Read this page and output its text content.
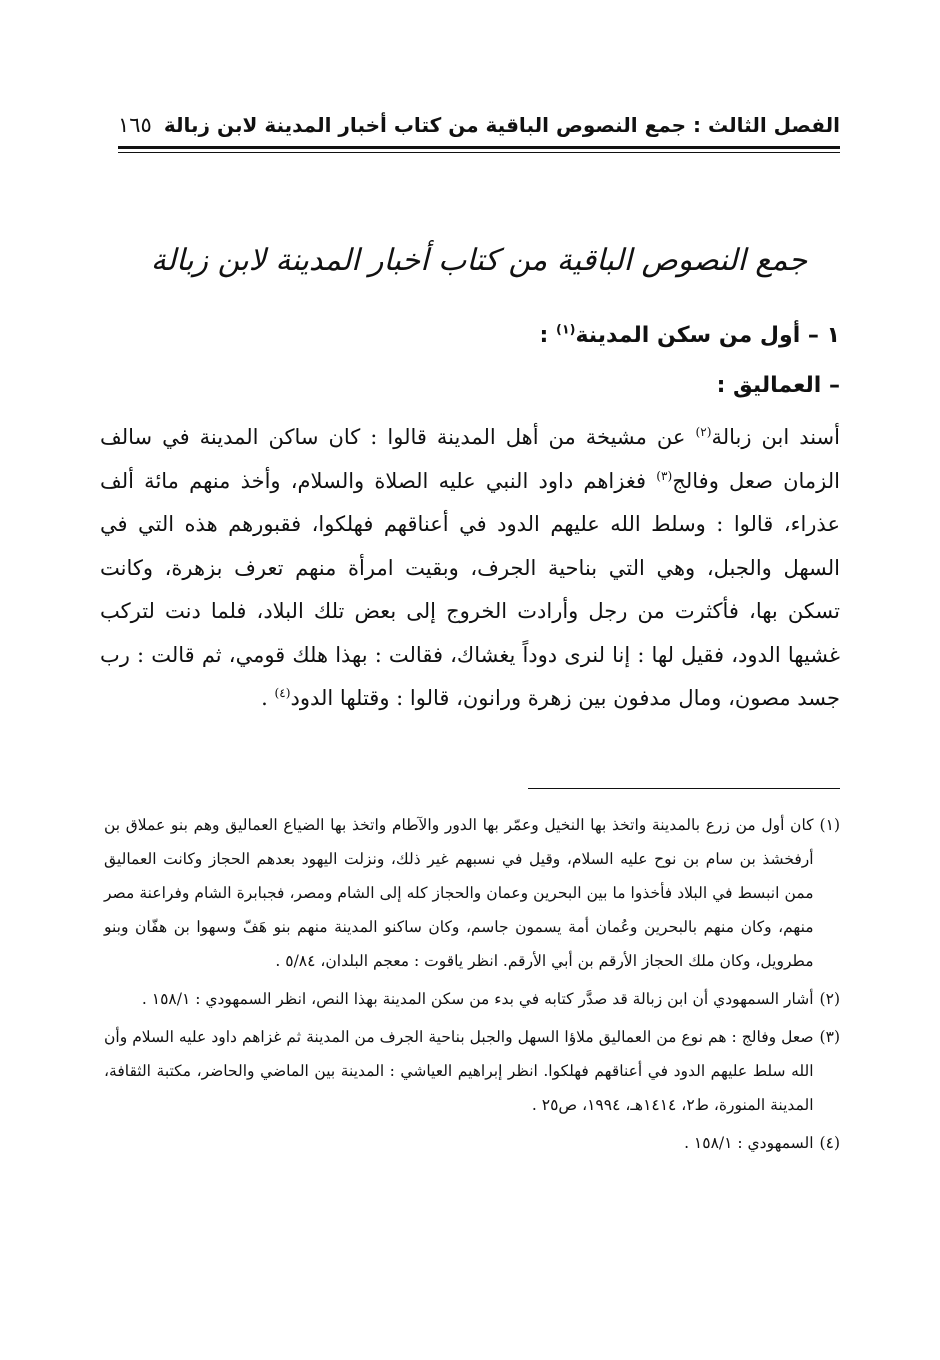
الفصل الثالث : جمع النصوص الباقية من كتاب أخبار المدينة لابن زبالة
١٦٥
جمع النصوص الباقية من كتاب أخبار المدينة لابن زبالة
١ – أول من سكن المدينة$^{(١)}$ :
– العماليق :

أسند ابن زبالة$^{(٢)}$ عن مشيخة من أهل المدينة قالوا : كان ساكن المدينة في سالف الزمان صعل وفالج$^{(٣)}$ فغزاهم داود النبي عليه الصلاة والسلام، وأخذ منهم مائة ألف عذراء، قالوا : وسلط الله عليهم الدود في أعناقهم فهلكوا، فقبورهم هذه التي في السهل والجبل، وهي التي بناحية الجرف، وبقيت امرأة منهم تعرف بزهرة، وكانت تسكن بها، فأكثرت من رجل وأرادت الخروج إلى بعض تلك البلاد، فلما دنت لتركب غشيها الدود، فقيل لها : إنا لنرى دوداً يغشاك، فقالت : بهذا هلك قومي، ثم قالت : رب جسد مصون، ومال مدفون بين زهرة ورانون، قالوا : وقتلها الدود$^{(٤)}$ .

(١)
كان أول من زرع بالمدينة واتخذ بها النخيل وعمّر بها الدور والآطام واتخذ بها الضياع العماليق وهم بنو عملاق بن أرفخشذ بن سام بن نوح عليه السلام، وقيل في نسبهم غير ذلك، ونزلت اليهود بعدهم الحجاز وكانت العماليق ممن انبسط في البلاد فأخذوا ما بين البحرين وعمان والحجاز كله إلى الشام ومصر، فجبابرة الشام وفراعنة مصر منهم، وكان منهم بالبحرين وعُمان أمة يسمون جاسم، وكان ساكنو المدينة منهم بنو هَفّ وسهوا بن هفّان وبنو مطرويل، وكان ملك الحجاز الأرقم بن أبي الأرقم. انظر ياقوت : معجم البلدان، ٥/٨٤ .
(٢)
أشار السمهودي أن ابن زبالة قد صدَّر كتابه في بدء من سكن المدينة بهذا النص، انظر السمهودي : ١٥٨/١ .
(٣)
صعل وفالج : هم نوع من العماليق ملاؤا السهل والجبل بناحية الجرف من المدينة ثم غزاهم داود عليه السلام وأن الله سلط عليهم الدود في أعناقهم فهلكوا. انظر إبراهيم العياشي : المدينة بين الماضي والحاضر، مكتبة الثقافة، المدينة المنورة، ط٢، ١٤١٤هـ، ١٩٩٤، ص٢٥ .
(٤)
السمهودي : ١٥٨/١ .
